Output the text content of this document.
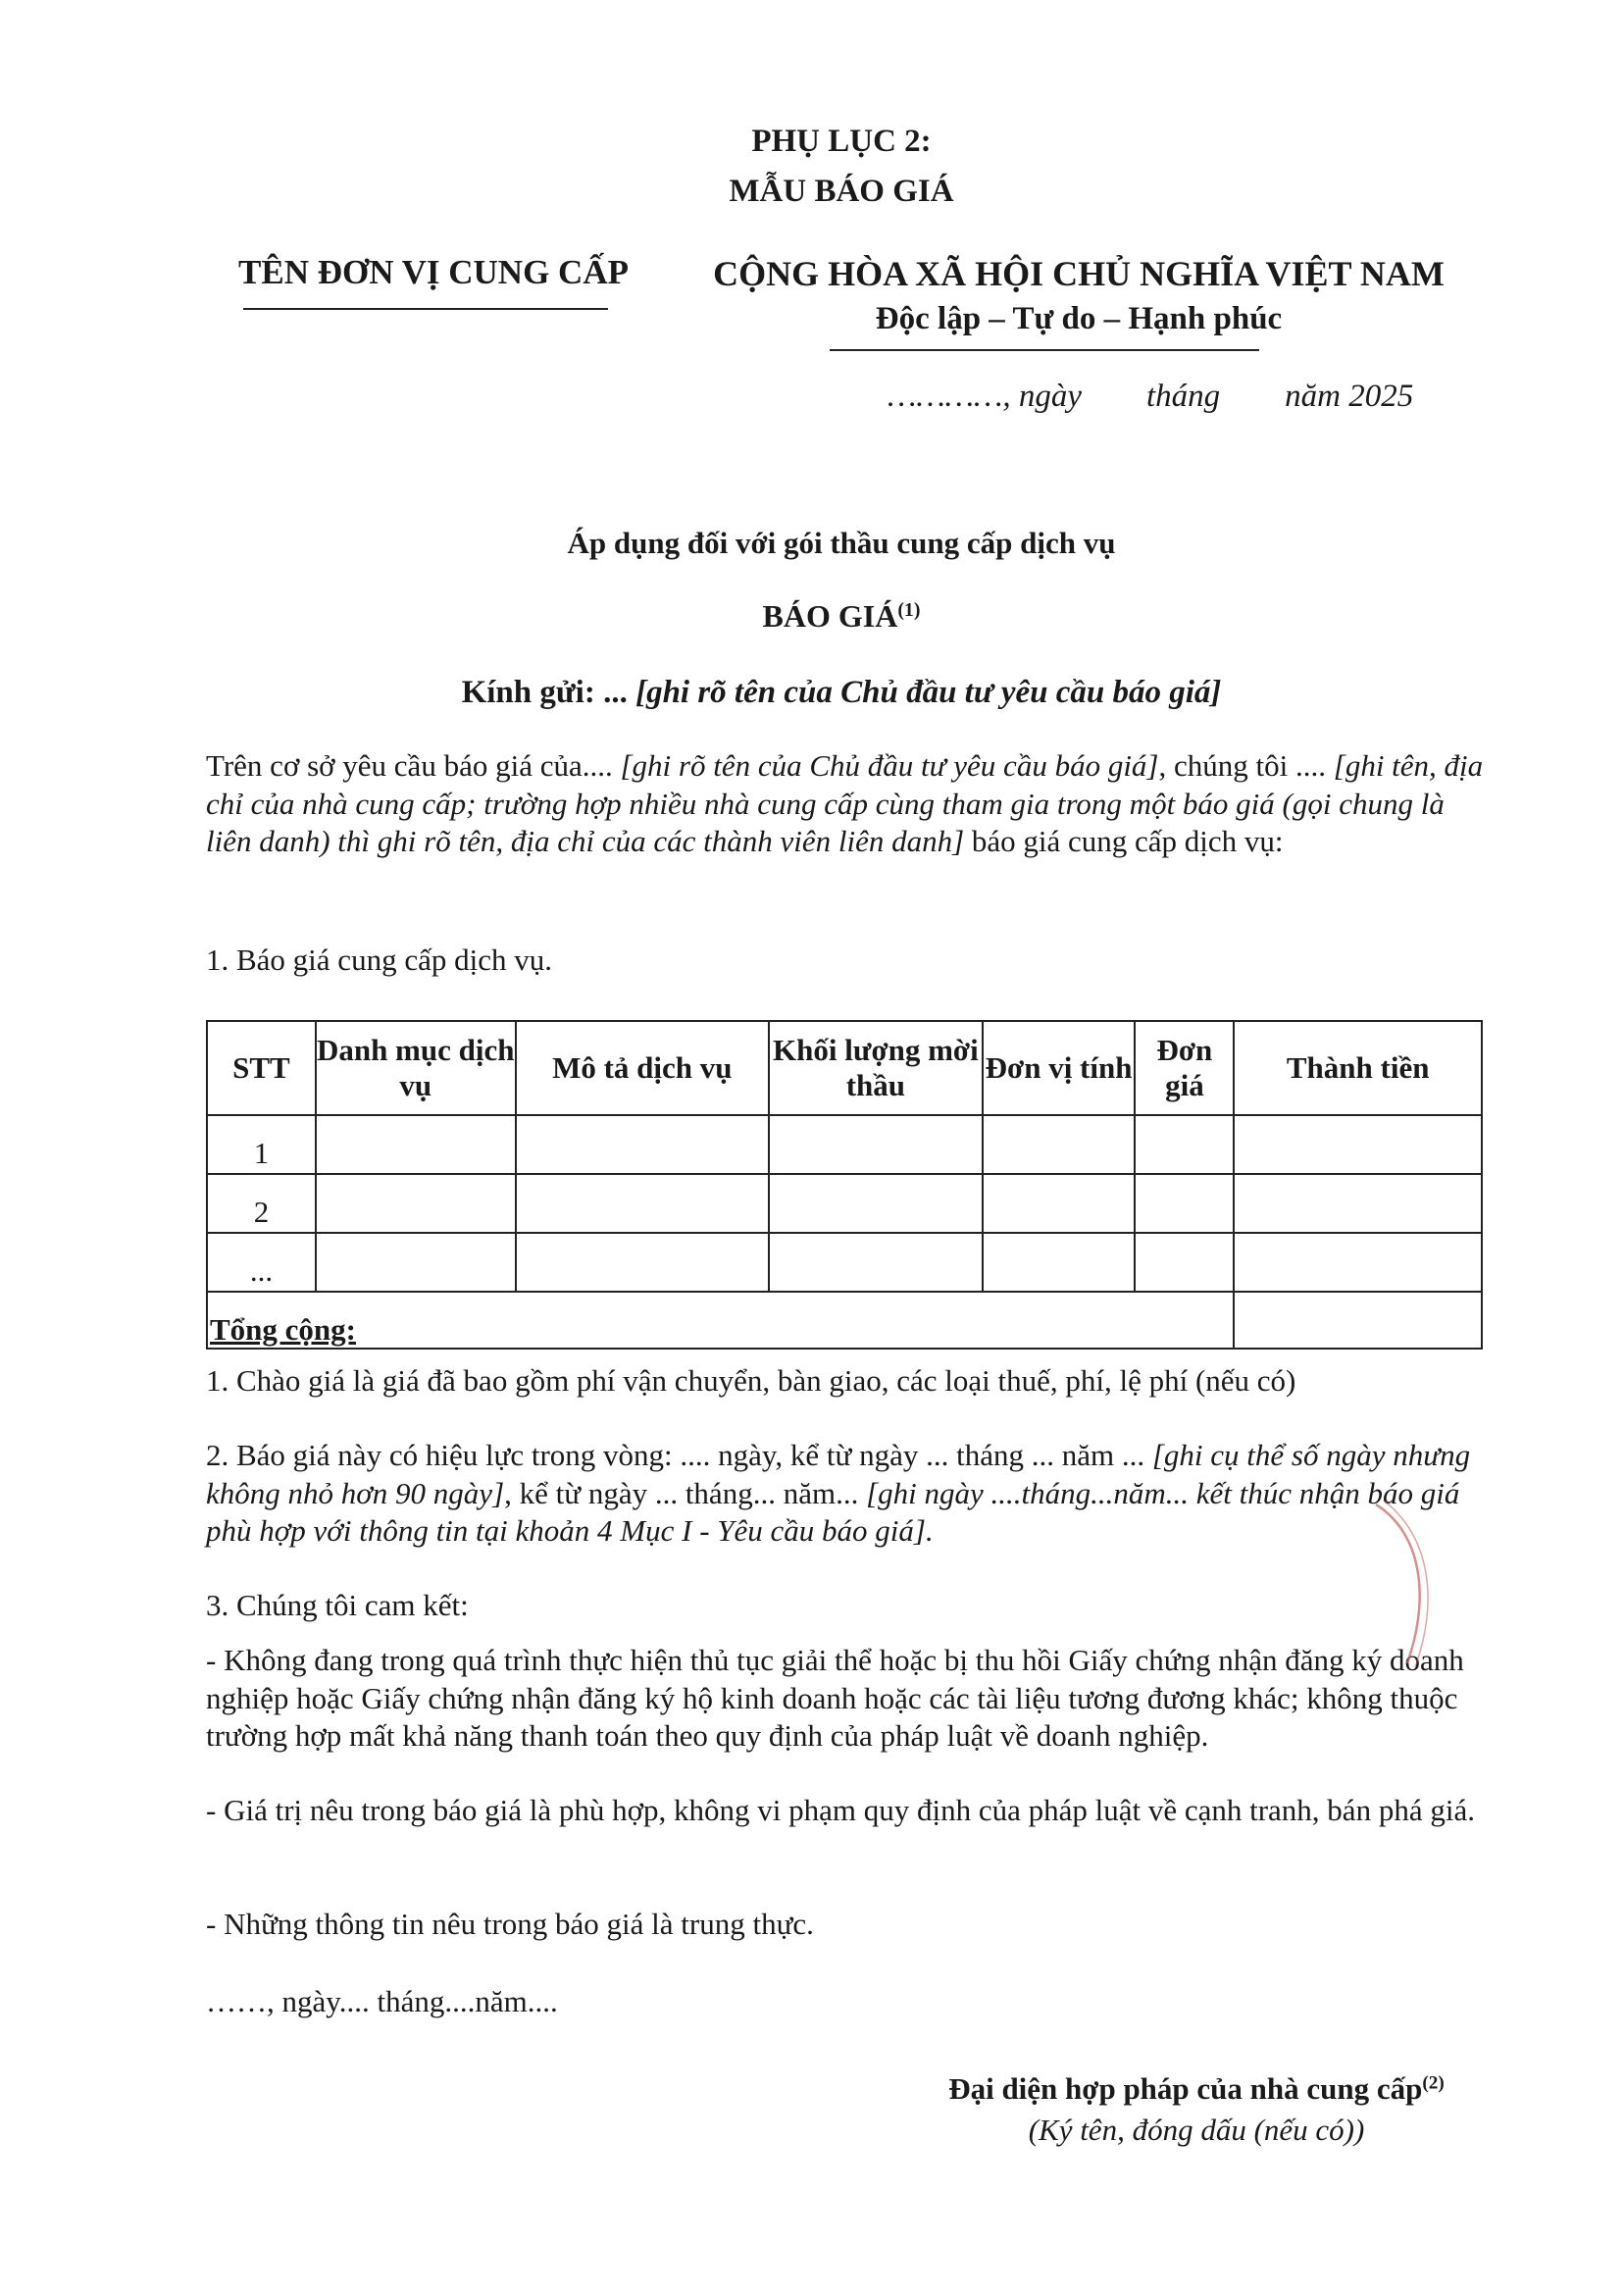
PHỤ LỤC 2:
MẪU BÁO GIÁ
TÊN ĐƠN VỊ CUNG CẤP	CỘNG HÒA XÃ HỘI CHỦ NGHĨA VIỆT NAM
Độc lập – Tự do – Hạnh phúc
…………, ngày        tháng        năm 2025
Áp dụng đối với gói thầu cung cấp dịch vụ
BÁO GIÁ$^{(1)}$
Kính gửi: ... [ghi rõ tên của Chủ đầu tư yêu cầu báo giá]
Trên cơ sở yêu cầu báo giá của.... [ghi rõ tên của Chủ đầu tư yêu cầu báo giá], chúng tôi .... [ghi tên, địa chỉ của nhà cung cấp; trường hợp nhiều nhà cung cấp cùng tham gia trong một báo giá (gọi chung là liên danh) thì ghi rõ tên, địa chỉ của các thành viên liên danh] báo giá cung cấp dịch vụ:
1. Báo giá cung cấp dịch vụ.
STT	Danh mục dịch vụ	Mô tả dịch vụ	Khối lượng mời thầu	Đơn vị tính	Đơn giá	Thành tiền
1						
2						
...						
Tổng cộng:						
1. Chào giá là giá đã bao gồm phí vận chuyển, bàn giao, các loại thuế, phí, lệ phí (nếu có)
2. Báo giá này có hiệu lực trong vòng: .... ngày, kể từ ngày ... tháng ... năm ... [ghi cụ thể số ngày nhưng không nhỏ hơn 90 ngày], kể từ ngày ... tháng... năm... [ghi ngày ....tháng...năm... kết thúc nhận báo giá phù hợp với thông tin tại khoản 4 Mục I - Yêu cầu báo giá].
3. Chúng tôi cam kết:
- Không đang trong quá trình thực hiện thủ tục giải thể hoặc bị thu hồi Giấy chứng nhận đăng ký doanh nghiệp hoặc Giấy chứng nhận đăng ký hộ kinh doanh hoặc các tài liệu tương đương khác; không thuộc trường hợp mất khả năng thanh toán theo quy định của pháp luật về doanh nghiệp.
- Giá trị nêu trong báo giá là phù hợp, không vi phạm quy định của pháp luật về cạnh tranh, bán phá giá.
- Những thông tin nêu trong báo giá là trung thực.
……, ngày.... tháng....năm....
Đại diện hợp pháp của nhà cung cấp$^{(2)}$
(Ký tên, đóng dấu (nếu có))
